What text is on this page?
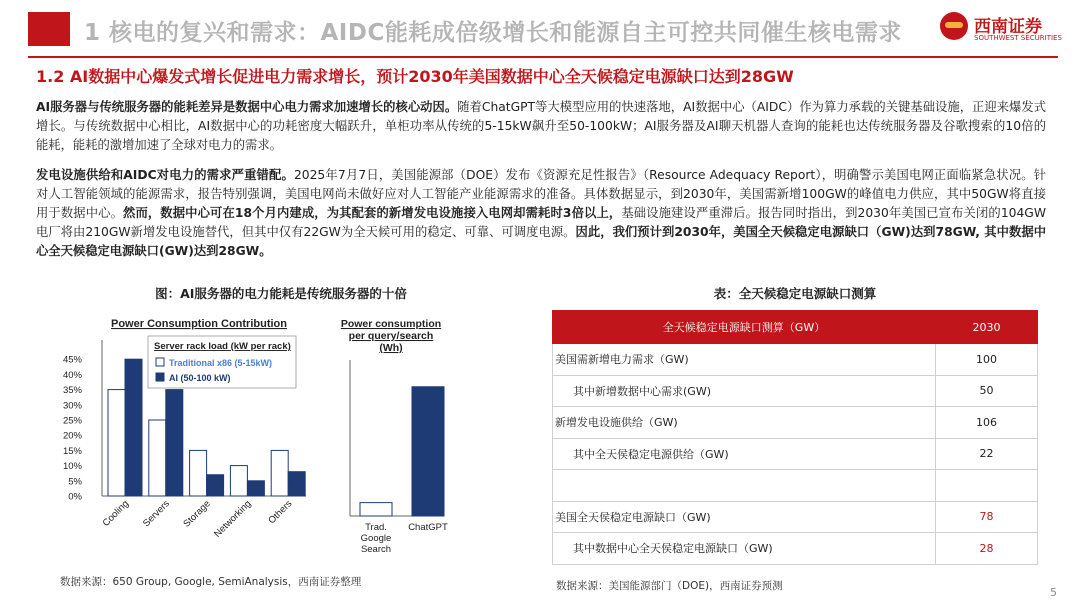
1 核电的复兴和需求：AIDC能耗成倍级增长和能源自主可控共同催生核电需求	西南证券
SOUTHWEST SECURITIES
1.2 AI数据中心爆发式增长促进电力需求增长，预计2030年美国数据中心全天候稳定电源缺口达到28GW
AI服务器与传统服务器的能耗差异是数据中心电力需求加速增长的核心动因。随着ChatGPT等大模型应用的快速落地，AI数据中心（AIDC）作为算力承载的关键基础设施，正迎来爆发式增长。与传统数据中心相比，AI数据中心的功耗密度大幅跃升，单柜功率从传统的5-15kW飙升至50-100kW；AI服务器及AI聊天机器人查询的能耗也达传统服务器及谷歌搜索的10倍的能耗，能耗的激增加速了全球对电力的需求。
发电设施供给和AIDC对电力的需求严重错配。2025年7月7日，美国能源部（DOE）发布《资源充足性报告》（Resource Adequacy Report），明确警示美国电网正面临紧急状况。针对人工智能领域的能源需求，报告特别强调，美国电网尚未做好应对人工智能产业能源需求的准备。具体数据显示，到2030年，美国需新增100GW的峰值电力供应，其中50GW将直接用于数据中心。然而，数据中心可在18个月内建成，为其配套的新增发电设施接入电网却需耗时3倍以上，基础设施建设严重滞后。报告同时指出，到2030年美国已宣布关闭的104GW电厂将由210GW新增发电设施替代，但其中仅有22GW为全天候可用的稳定、可靠、可调度电源。因此，我们预计到2030年，美国全天候稳定电源缺口（GW)达到78GW, 其中数据中心全天候稳定电源缺口(GW)达到28GW。
图：AI服务器的电力能耗是传统服务器的十倍	表：全天候稳定电源缺口测算
Power Consumption Contribution
45%
40%
35%
30%
25%
20%
15%
10%
5%
0%
Cooling Servers Storage Networking Others
Server rack load (kW per rack)
Traditional x86 (5-15kW)
AI (50-100 kW)
Power consumption
per query/search
(Wh)
Trad.
Google
Search
ChatGPT
全天候稳定电源缺口测算（GW）	2030
美国需新增电力需求（GW)	100
其中新增数据中心需求(GW)	50
新增发电设施供给（GW)	106
其中全天侯稳定电源供给（GW)	22

美国全天侯稳定电源缺口（GW)	78
其中数据中心全天侯稳定电源缺口（GW)	28
数据来源：650 Group, Google, SemiAnalysis，西南证券整理	数据来源：美国能源部门（DOE)，西南证券预测	5
